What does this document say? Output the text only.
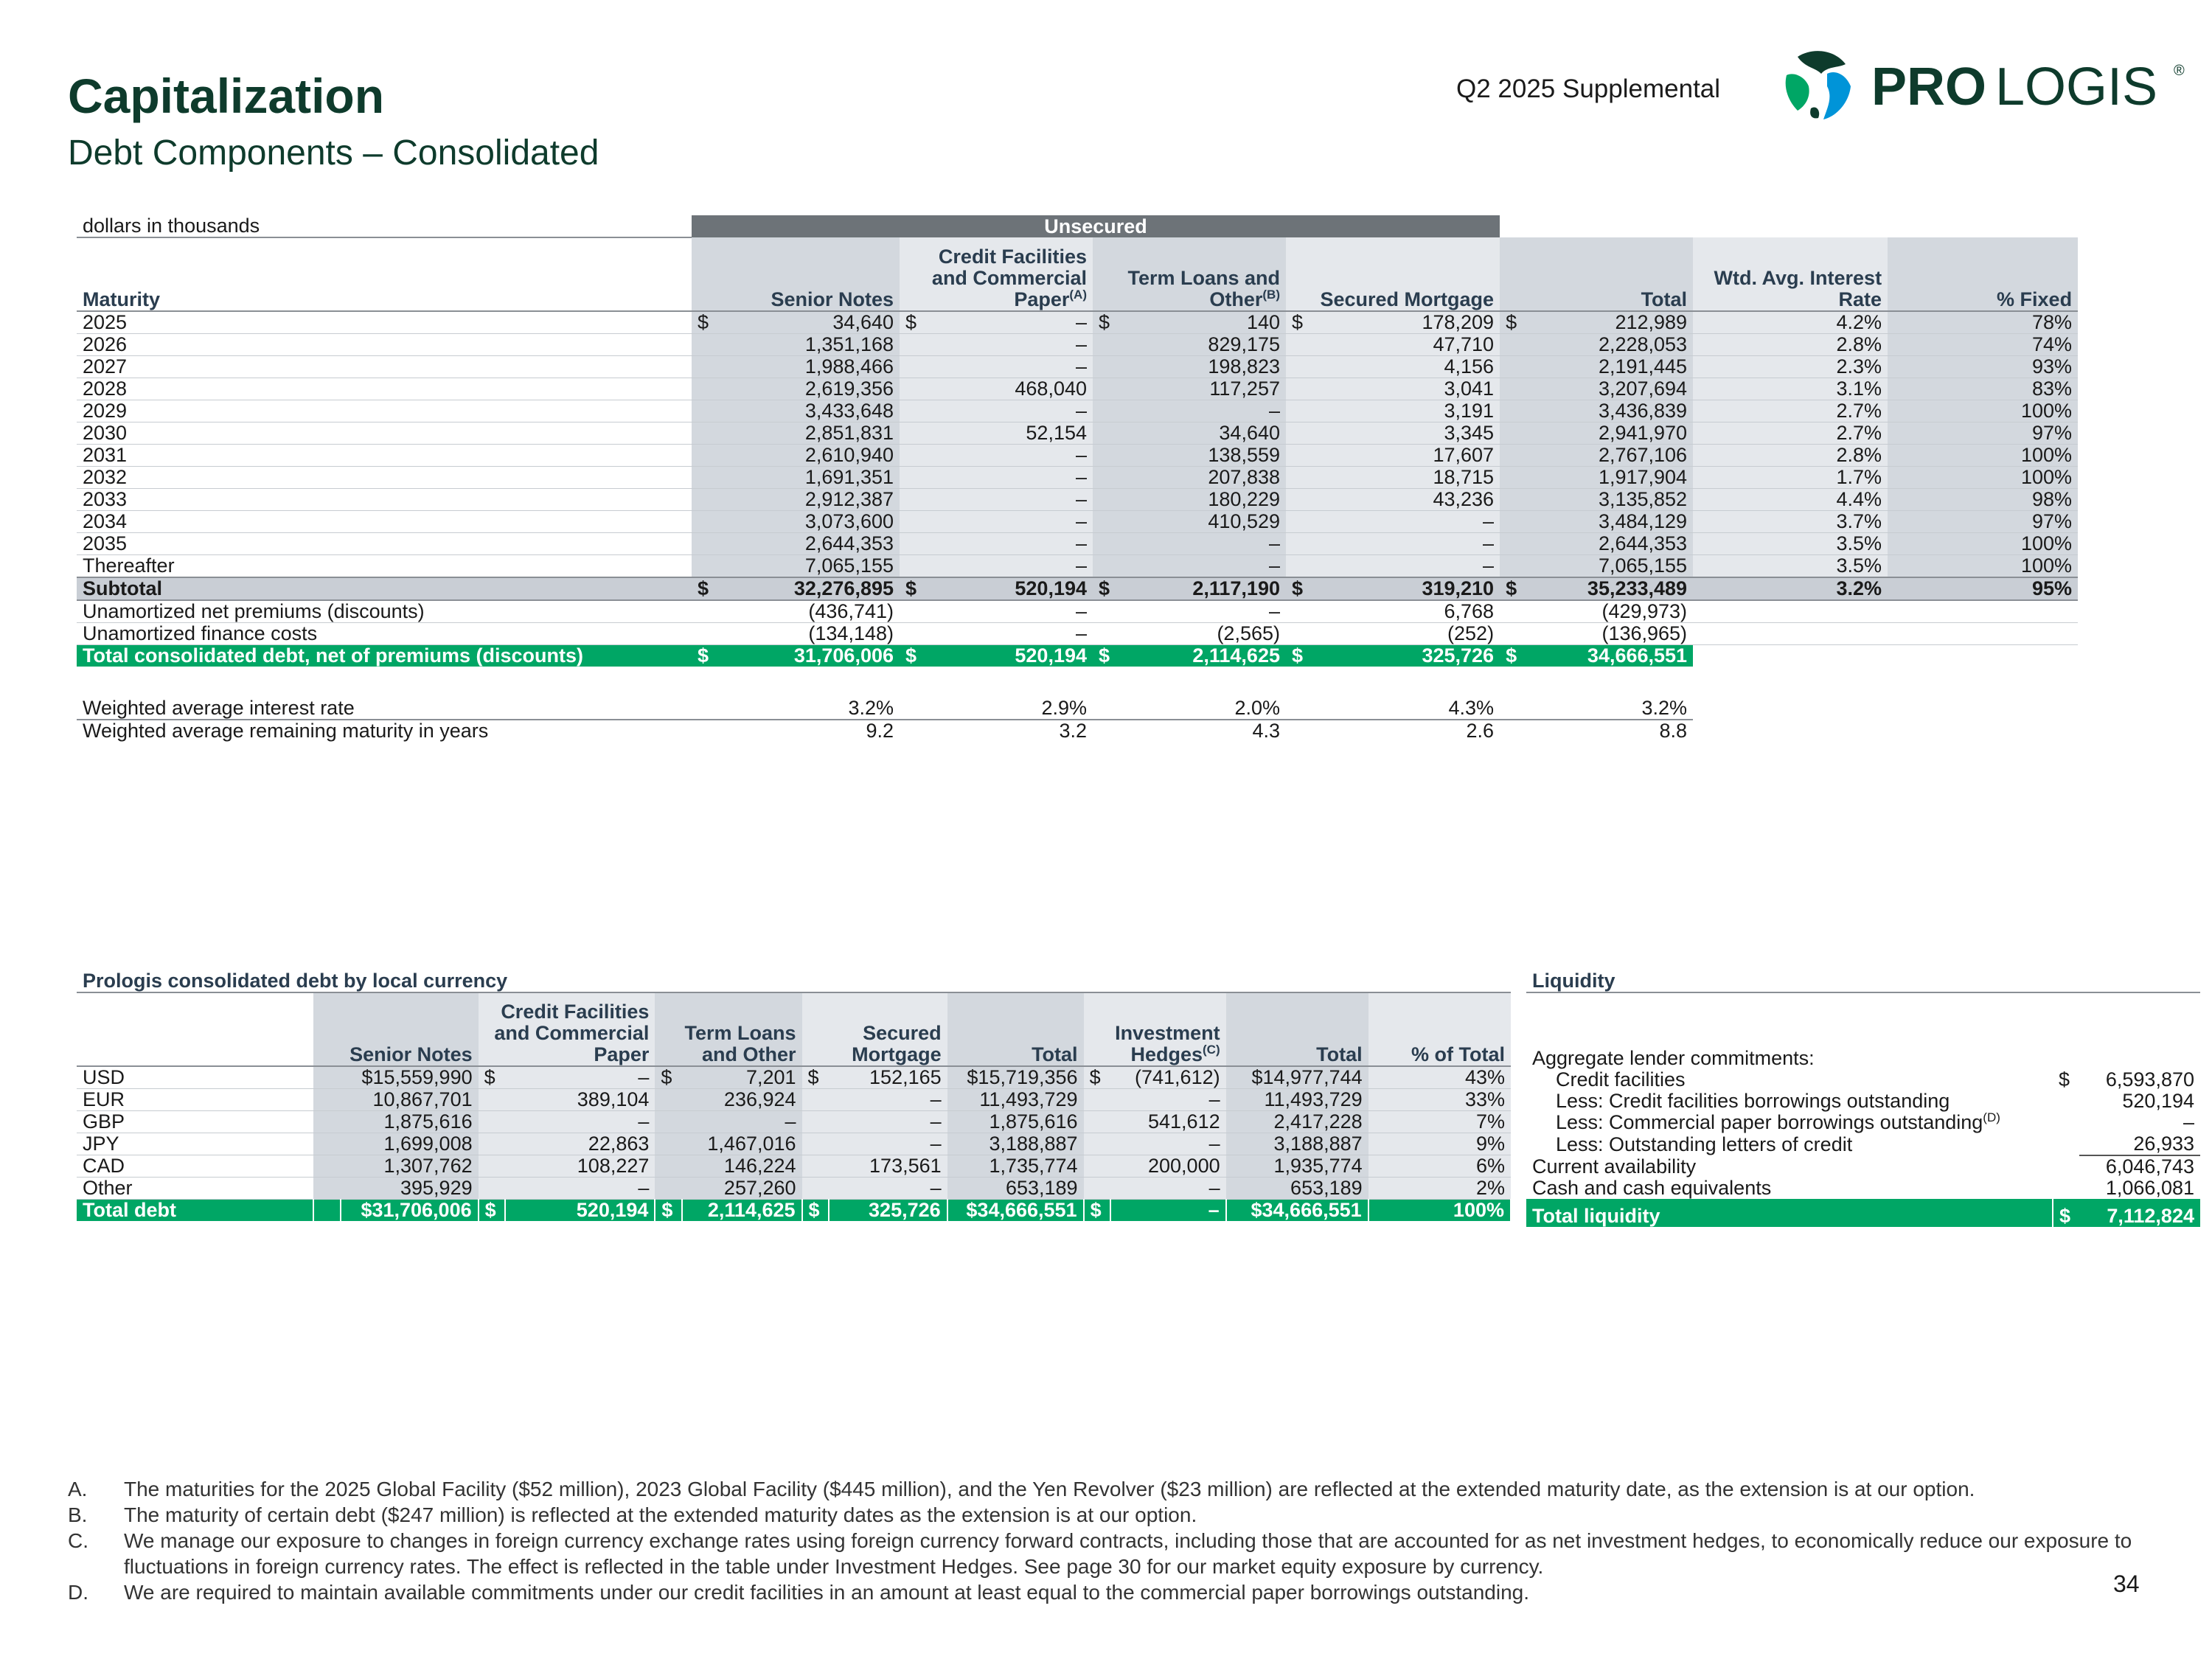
Capitalization
Debt Components – Consolidated
Q2 2025 Supplemental	PRO LOGIS ®
dollars in thousands	Unsecured											
Maturity	Senior Notes		Credit Facilities and Commercial Paper$^{(A)}$		Term Loans and Other$^{(B)}$		Secured Mortgage		Total		Wtd. Avg. Interest Rate	% Fixed
2025	$	34,640	$	–	$	140	$	178,209	$	212,989	4.2%	78%
2026		1,351,168		–		829,175		47,710		2,228,053	2.8%	74%
2027		1,988,466		–		198,823		4,156		2,191,445	2.3%	93%
2028		2,619,356		468,040		117,257		3,041		3,207,694	3.1%	83%
2029		3,433,648		–		–		3,191		3,436,839	2.7%	100%
2030		2,851,831		52,154		34,640		3,345		2,941,970	2.7%	97%
2031		2,610,940		–		138,559		17,607		2,767,106	2.8%	100%
2032		1,691,351		–		207,838		18,715		1,917,904	1.7%	100%
2033		2,912,387		–		180,229		43,236		3,135,852	4.4%	98%
2034		3,073,600		–		410,529		–		3,484,129	3.7%	97%
2035		2,644,353		–		–		–		2,644,353	3.5%	100%
Thereafter		7,065,155		–		–		–		7,065,155	3.5%	100%
Subtotal	$	32,276,895	$	520,194	$	2,117,190	$	319,210	$	35,233,489	3.2%	95%
Unamortized net premiums (discounts)		(436,741)		–		–		6,768		(429,973)		
Unamortized finance costs		(134,148)		–		(2,565)		(252)		(136,965)		
Total consolidated debt, net of premiums (discounts)	$	31,706,006	$	520,194	$	2,114,625	$	325,726	$	34,666,551		

Weighted average interest rate		3.2%		2.9%		2.0%		4.3%		3.2%		
Weighted average remaining maturity in years		9.2		3.2		4.3		2.6		8.8		
Prologis consolidated debt by local currency													
	Senior Notes		Credit Facilities and Commercial Paper		Term Loans and Other		Secured Mortgage		Total	Investment Hedges$^{(C)}$		Total	% of Total
USD		$15,559,990	$	–	$	7,201	$	152,165	$15,719,356	$	(741,612)	$14,977,744	43%
EUR		10,867,701		389,104		236,924		–	11,493,729		–	11,493,729	33%
GBP		1,875,616		–		–		–	1,875,616		541,612	2,417,228	7%
JPY		1,699,008		22,863		1,467,016		–	3,188,887		–	3,188,887	9%
CAD		1,307,762		108,227		146,224		173,561	1,735,774		200,000	1,935,774	6%
Other		395,929		–		257,260		–	653,189		–	653,189	2%
Total debt		$31,706,006	$	520,194	$	2,114,625	$	325,726	$34,666,551	$	–	$34,666,551	100%
Liquidity		
Aggregate lender commitments:		
Credit facilities	$	6,593,870
Less: Credit facilities borrowings outstanding		520,194
Less: Commercial paper borrowings outstanding$^{(D)}$		–
Less: Outstanding letters of credit		26,933
Current availability		6,046,743
Cash and cash equivalents		1,066,081
Total liquidity	$	7,112,824
A.	The maturities for the 2025 Global Facility ($52 million), 2023 Global Facility ($445 million), and the Yen Revolver ($23 million) are reflected at the extended maturity date, as the extension is at our option.
B.	The maturity of certain debt ($247 million) is reflected at the extended maturity dates as the extension is at our option.
C.	We manage our exposure to changes in foreign currency exchange rates using foreign currency forward contracts, including those that are accounted for as net investment hedges, to economically reduce our exposure to fluctuations in foreign currency rates. The effect is reflected in the table under Investment Hedges. See page 30 for our market equity exposure by currency.
D.	We are required to maintain available commitments under our credit facilities in an amount at least equal to the commercial paper borrowings outstanding.	34
